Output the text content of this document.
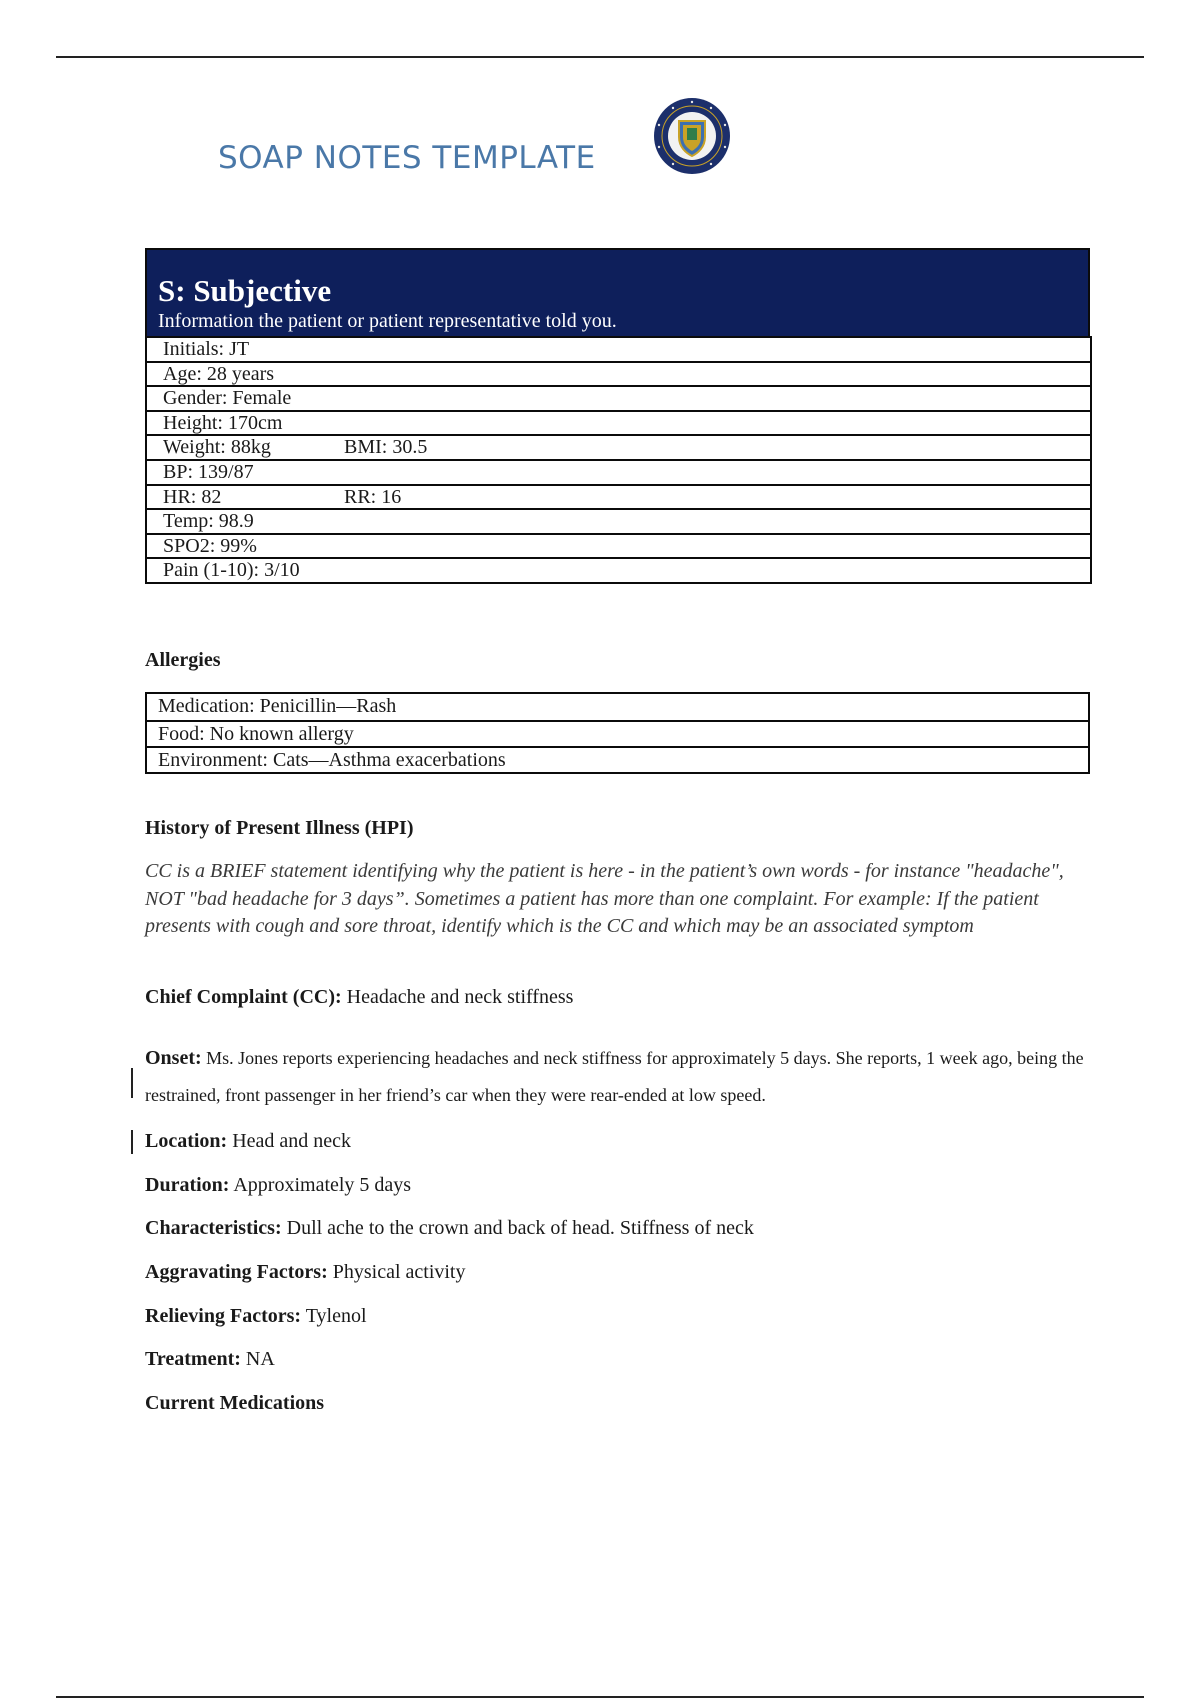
SOAP NOTES TEMPLATE
S: Subjective
Information the patient or patient representative told you.
Initials: JT
Age: 28 years
Gender: Female
Height: 170cm
Weight: 88kg	BMI: 30.5
BP: 139/87
HR: 82	RR: 16
Temp: 98.9
SPO2: 99%
Pain (1-10): 3/10
Allergies
Medication: Penicillin—Rash
Food: No known allergy
Environment: Cats—Asthma exacerbations
History of Present Illness (HPI)
CC is a BRIEF statement identifying why the patient is here - in the patient’s own words - for instance "headache", NOT "bad headache for 3 days”. Sometimes a patient has more than one complaint. For example: If the patient presents with cough and sore throat, identify which is the CC and which may be an associated symptom
Chief Complaint (CC): Headache and neck stiffness
Onset: Ms. Jones reports experiencing headaches and neck stiffness for approximately 5 days. She reports, 1 week ago, being the restrained, front passenger in her friend’s car when they were rear-ended at low speed.
Location: Head and neck
Duration: Approximately 5 days
Characteristics: Dull ache to the crown and back of head. Stiffness of neck
Aggravating Factors: Physical activity
Relieving Factors: Tylenol
Treatment: NA
Current Medications
